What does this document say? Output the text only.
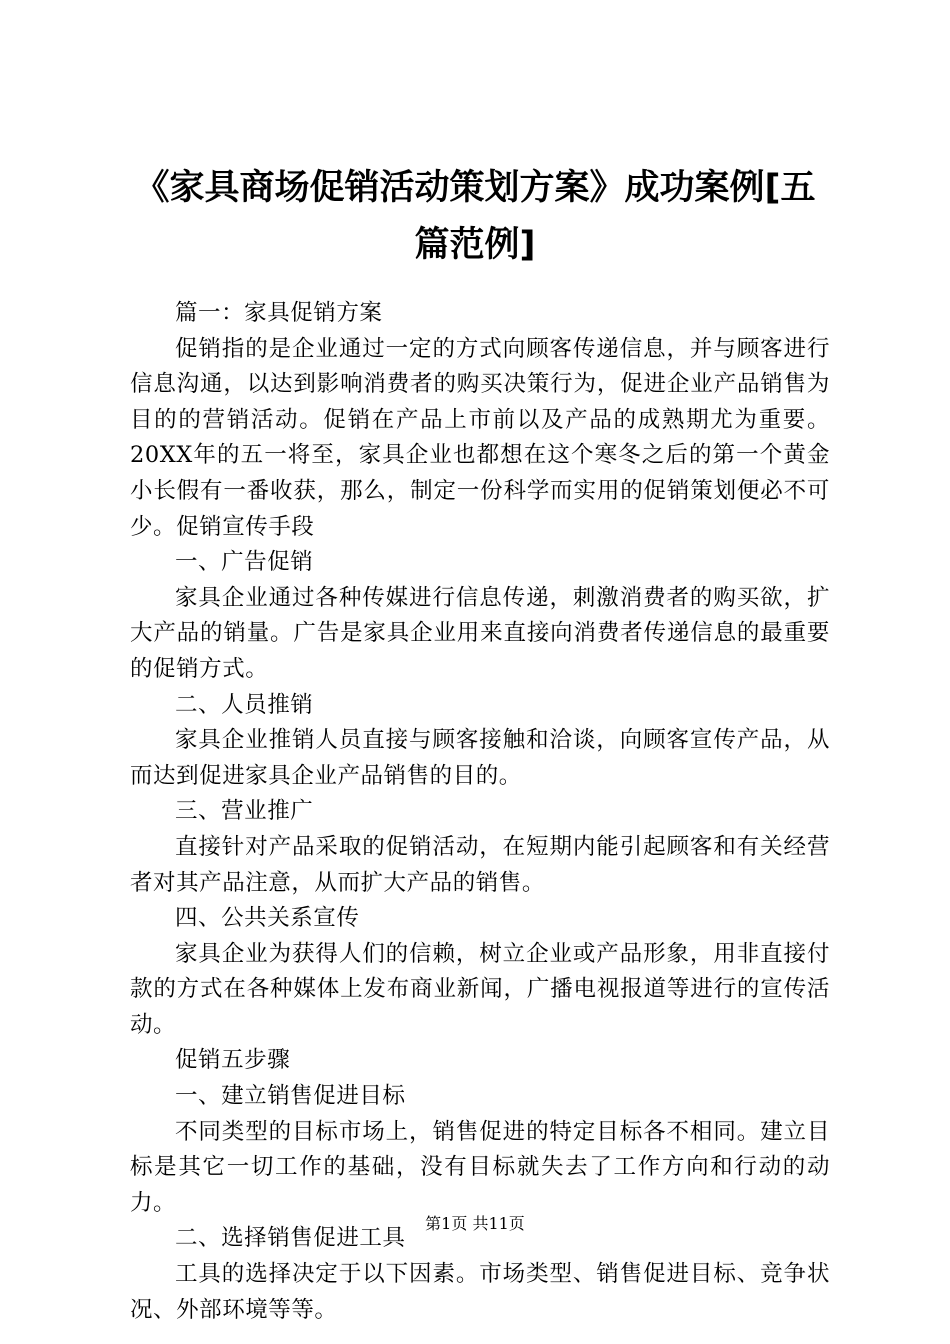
《家具商场促销活动策划方案》成功案例[五篇范例]

篇一：家具促销方案

促销指的是企业通过一定的方式向顾客传递信息，并与顾客进行信息沟通，以达到影响消费者的购买决策行为，促进企业产品销售为目的的营销活动。促销在产品上市前以及产品的成熟期尤为重要。20XX年的五一将至，家具企业也都想在这个寒冬之后的第一个黄金小长假有一番收获，那么，制定一份科学而实用的促销策划便必不可少。促销宣传手段

一、广告促销

家具企业通过各种传媒进行信息传递，刺激消费者的购买欲，扩大产品的销量。广告是家具企业用来直接向消费者传递信息的最重要的促销方式。

二、人员推销

家具企业推销人员直接与顾客接触和洽谈，向顾客宣传产品，从而达到促进家具企业产品销售的目的。

三、营业推广

直接针对产品采取的促销活动，在短期内能引起顾客和有关经营者对其产品注意，从而扩大产品的销售。

四、公共关系宣传

家具企业为获得人们的信赖，树立企业或产品形象，用非直接付款的方式在各种媒体上发布商业新闻，广播电视报道等进行的宣传活动。

促销五步骤

一、建立销售促进目标

不同类型的目标市场上，销售促进的特定目标各不相同。建立目标是其它一切工作的基础，没有目标就失去了工作方向和行动的动力。

二、选择销售促进工具

工具的选择决定于以下因素。市场类型、销售促进目标、竞争状况、外部环境等等。

第1页 共11页
